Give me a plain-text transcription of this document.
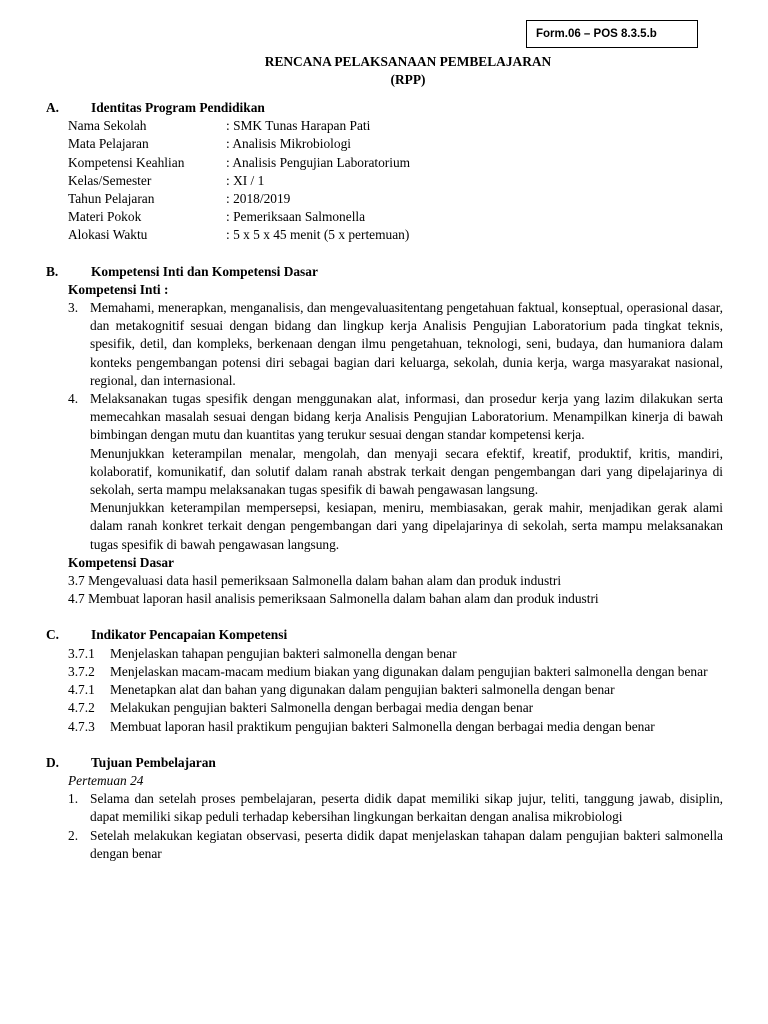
Form.06 – POS 8.3.5.b
RENCANA PELAKSANAAN PEMBELAJARAN
(RPP)
A.	Identitas Program Pendidikan
Nama Sekolah	: SMK Tunas Harapan Pati
Mata Pelajaran	: Analisis Mikrobiologi
Kompetensi Keahlian	: Analisis Pengujian Laboratorium
Kelas/Semester	: XI / 1
Tahun Pelajaran	: 2018/2019
Materi Pokok	: Pemeriksaan Salmonella
Alokasi Waktu	: 5 x 5 x 45 menit (5 x pertemuan)
B.	Kompetensi Inti dan Kompetensi Dasar
Kompetensi Inti :
3. Memahami, menerapkan, menganalisis, dan mengevaluasitentang pengetahuan faktual, konseptual, operasional dasar, dan metakognitif sesuai dengan bidang dan lingkup kerja Analisis Pengujian Laboratorium pada tingkat teknis, spesifik, detil, dan kompleks, berkenaan dengan ilmu pengetahuan, teknologi, seni, budaya, dan humaniora dalam konteks pengembangan potensi diri sebagai bagian dari keluarga, sekolah, dunia kerja, warga masyarakat nasional, regional, dan internasional.
4. Melaksanakan tugas spesifik dengan menggunakan alat, informasi, dan prosedur kerja yang lazim dilakukan serta memecahkan masalah sesuai dengan bidang kerja Analisis Pengujian Laboratorium. Menampilkan kinerja di bawah bimbingan dengan mutu dan kuantitas yang terukur sesuai dengan standar kompetensi kerja.
Menunjukkan keterampilan menalar, mengolah, dan menyaji secara efektif, kreatif, produktif, kritis, mandiri, kolaboratif, komunikatif, dan solutif dalam ranah abstrak terkait dengan pengembangan dari yang dipelajarinya di sekolah, serta mampu melaksanakan tugas spesifik di bawah pengawasan langsung.
Menunjukkan keterampilan mempersepsi, kesiapan, meniru, membiasakan, gerak mahir, menjadikan gerak alami dalam ranah konkret terkait dengan pengembangan dari yang dipelajarinya di sekolah, serta mampu melaksanakan tugas spesifik di bawah pengawasan langsung.
Kompetensi Dasar
3.7 Mengevaluasi data hasil pemeriksaan Salmonella dalam bahan alam dan produk industri
4.7 Membuat laporan hasil analisis pemeriksaan Salmonella dalam bahan alam dan produk industri
C.	Indikator Pencapaian Kompetensi
3.7.1	Menjelaskan tahapan pengujian bakteri salmonella dengan benar
3.7.2	Menjelaskan macam-macam medium biakan yang digunakan dalam pengujian bakteri salmonella dengan benar
4.7.1	Menetapkan alat dan bahan yang digunakan dalam pengujian bakteri salmonella dengan benar
4.7.2	Melakukan pengujian bakteri Salmonella dengan berbagai media dengan benar
4.7.3	Membuat laporan hasil praktikum pengujian bakteri Salmonella dengan berbagai media dengan benar
D.	Tujuan Pembelajaran
Pertemuan 24
1. Selama dan setelah proses pembelajaran, peserta didik dapat memiliki sikap jujur, teliti, tanggung jawab, disiplin, dapat memiliki sikap peduli terhadap kebersihan lingkungan berkaitan dengan analisa mikrobiologi
2. Setelah melakukan kegiatan observasi, peserta didik dapat menjelaskan tahapan dalam pengujian bakteri salmonella dengan benar
